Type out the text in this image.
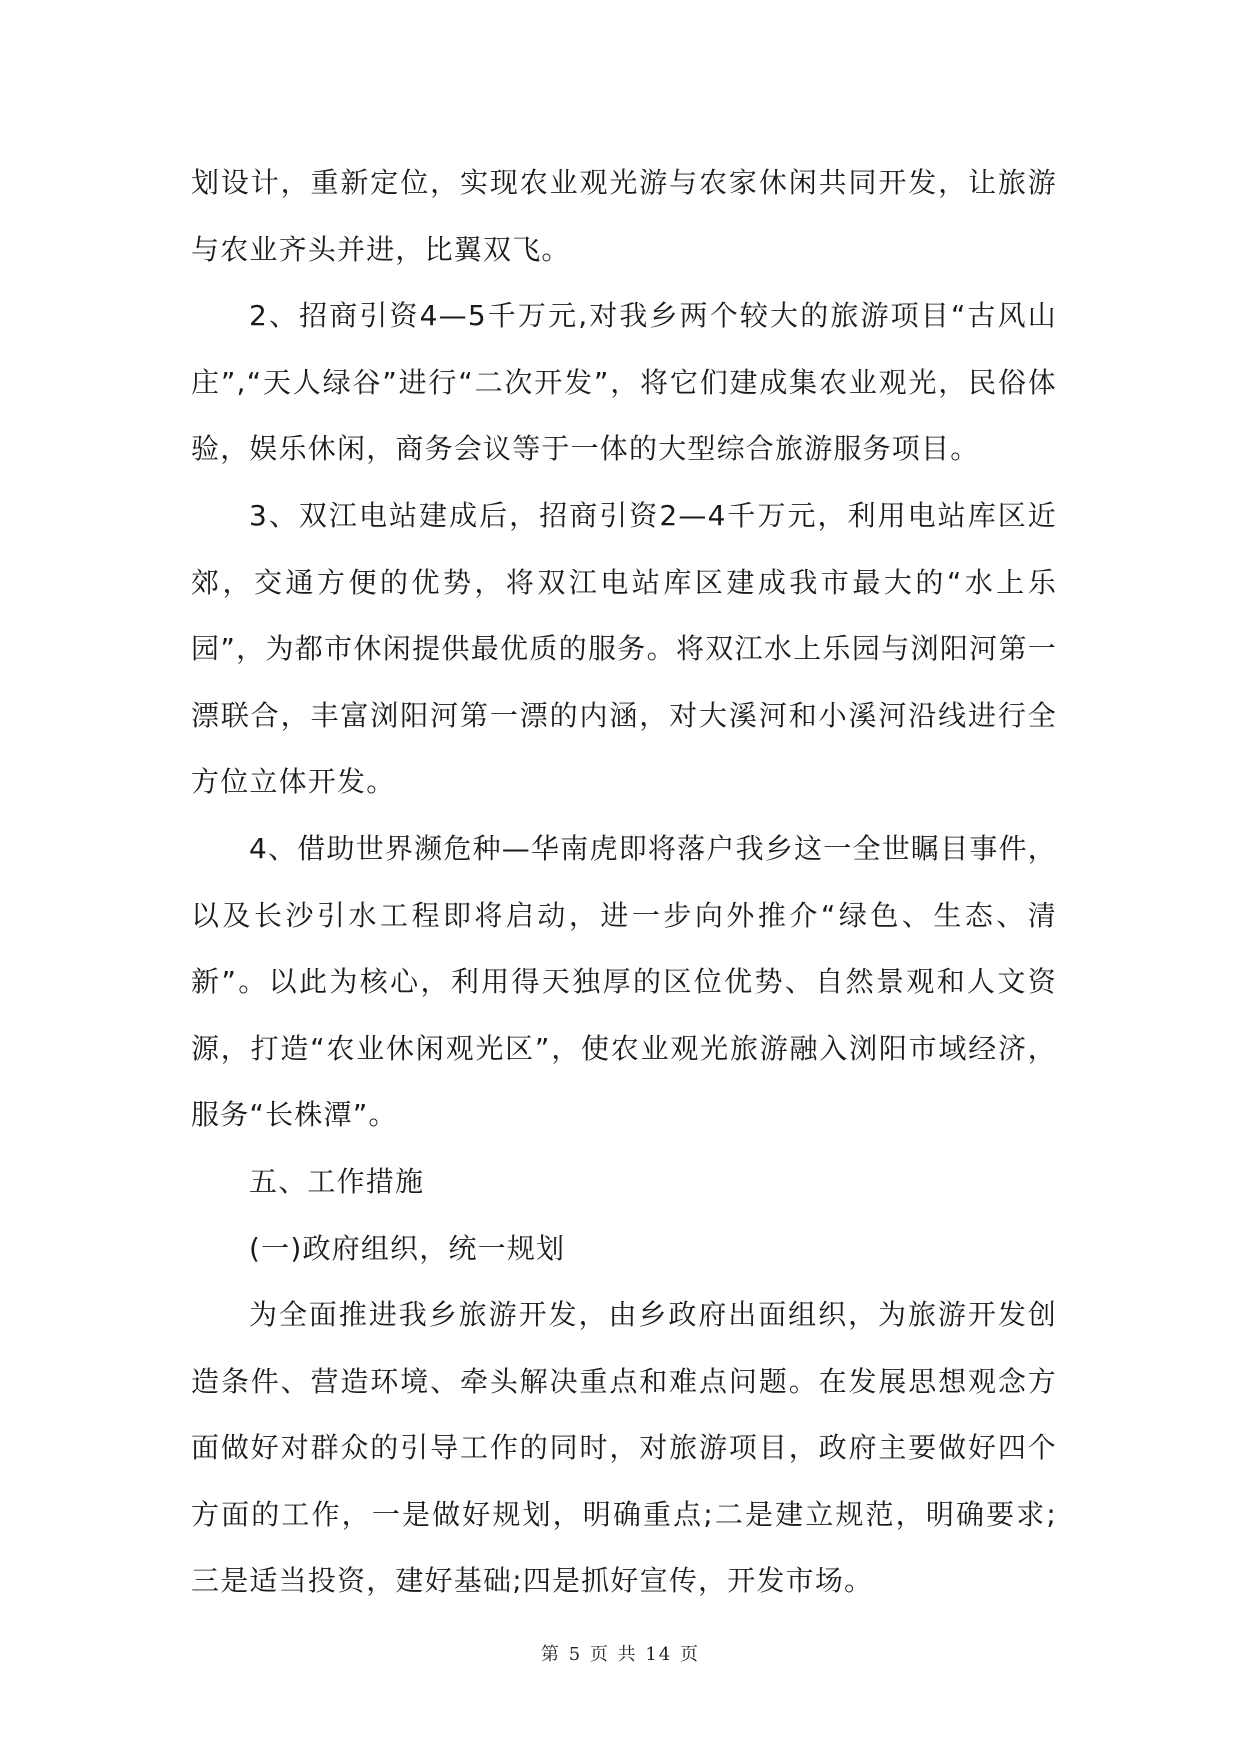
划设计，重新定位，实现农业观光游与农家休闲共同开发，让旅游与农业齐头并进，比翼双飞。

2、招商引资4—5千万元,对我乡两个较大的旅游项目“古风山庄”,“天人绿谷”进行“二次开发”，将它们建成集农业观光，民俗体验，娱乐休闲，商务会议等于一体的大型综合旅游服务项目。

3、双江电站建成后，招商引资2—4千万元，利用电站库区近郊，交通方便的优势，将双江电站库区建成我市最大的“水上乐园”，为都市休闲提供最优质的服务。将双江水上乐园与浏阳河第一漂联合，丰富浏阳河第一漂的内涵，对大溪河和小溪河沿线进行全方位立体开发。

4、借助世界濒危种—华南虎即将落户我乡这一全世瞩目事件，以及长沙引水工程即将启动，进一步向外推介“绿色、生态、清新”。以此为核心，利用得天独厚的区位优势、自然景观和人文资源，打造“农业休闲观光区”，使农业观光旅游融入浏阳市域经济，服务“长株潭”。

五、工作措施

(一)政府组织，统一规划

为全面推进我乡旅游开发，由乡政府出面组织，为旅游开发创造条件、营造环境、牵头解决重点和难点问题。在发展思想观念方面做好对群众的引导工作的同时，对旅游项目，政府主要做好四个方面的工作，一是做好规划，明确重点;二是建立规范，明确要求;三是适当投资，建好基础;四是抓好宣传，开发市场。

第 5 页 共 14 页
